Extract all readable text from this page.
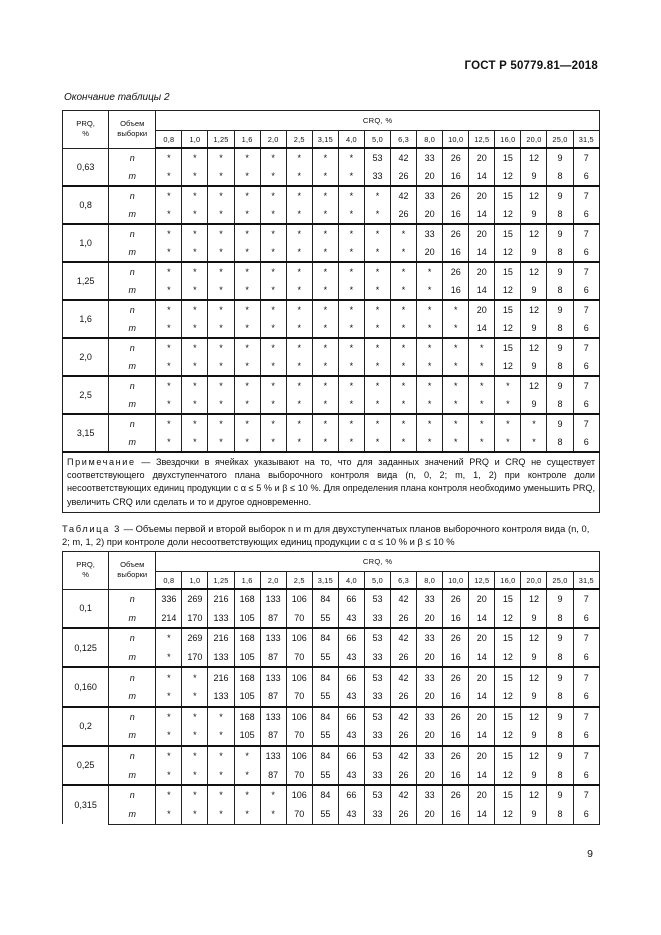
ГОСТ Р 50779.81—2018
Окончание таблицы 2
PRQ,
%	Объем
выборки	CRQ, %																
		0,8	1,0	1,25	1,6	2,0	2,5	3,15	4,0	5,0	6,3	8,0	10,0	12,5	16,0	20,0	25,0	31,5
0,63	n	*	*	*	*	*	*	*	*	53	42	33	26	20	15	12	9	7
	m	*	*	*	*	*	*	*	*	33	26	20	16	14	12	9	8	6
0,8	n	*	*	*	*	*	*	*	*	*	42	33	26	20	15	12	9	7
	m	*	*	*	*	*	*	*	*	*	26	20	16	14	12	9	8	6
1,0	n	*	*	*	*	*	*	*	*	*	*	33	26	20	15	12	9	7
	m	*	*	*	*	*	*	*	*	*	*	20	16	14	12	9	8	6
1,25	n	*	*	*	*	*	*	*	*	*	*	*	26	20	15	12	9	7
	m	*	*	*	*	*	*	*	*	*	*	*	16	14	12	9	8	6
1,6	n	*	*	*	*	*	*	*	*	*	*	*	*	20	15	12	9	7
	m	*	*	*	*	*	*	*	*	*	*	*	*	14	12	9	8	6
2,0	n	*	*	*	*	*	*	*	*	*	*	*	*	*	15	12	9	7
	m	*	*	*	*	*	*	*	*	*	*	*	*	*	12	9	8	6
2,5	n	*	*	*	*	*	*	*	*	*	*	*	*	*	*	12	9	7
	m	*	*	*	*	*	*	*	*	*	*	*	*	*	*	9	8	6
3,15	n	*	*	*	*	*	*	*	*	*	*	*	*	*	*	*	9	7
	m	*	*	*	*	*	*	*	*	*	*	*	*	*	*	*	8	6
Примечание — Звездочки в ячейках указывают на то, что для заданных значений PRQ и CRQ не существует соответствующего двухступенчатого плана выборочного контроля вида (n, 0, 2; m, 1, 2) при контроле доли несоответствующих единиц продукции с α ≤ 5 % и β ≤ 10 %. Для определения плана контроля необходимо уменьшить PRQ, увеличить CRQ или сделать и то и другое одновременно.																		
Таблица 3 — Объемы первой и второй выборок n и m для двухступенчатых планов выборочного контроля вида (n, 0, 2; m, 1, 2) при контроле доли несоответствующих единиц продукции с α ≤ 10 % и β ≤ 10 %
PRQ,
%	Объем
выборки	CRQ, %																
		0,8	1,0	1,25	1,6	2,0	2,5	3,15	4,0	5,0	6,3	8,0	10,0	12,5	16,0	20,0	25,0	31,5
0,1	n	336	269	216	168	133	106	84	66	53	42	33	26	20	15	12	9	7
	m	214	170	133	105	87	70	55	43	33	26	20	16	14	12	9	8	6
0,125	n	*	269	216	168	133	106	84	66	53	42	33	26	20	15	12	9	7
	m	*	170	133	105	87	70	55	43	33	26	20	16	14	12	9	8	6
0,160	n	*	*	216	168	133	106	84	66	53	42	33	26	20	15	12	9	7
	m	*	*	133	105	87	70	55	43	33	26	20	16	14	12	9	8	6
0,2	n	*	*	*	168	133	106	84	66	53	42	33	26	20	15	12	9	7
	m	*	*	*	105	87	70	55	43	33	26	20	16	14	12	9	8	6
0,25	n	*	*	*	*	133	106	84	66	53	42	33	26	20	15	12	9	7
	m	*	*	*	*	87	70	55	43	33	26	20	16	14	12	9	8	6
0,315	n	*	*	*	*	*	106	84	66	53	42	33	26	20	15	12	9	7
	m	*	*	*	*	*	70	55	43	33	26	20	16	14	12	9	8	6
9
